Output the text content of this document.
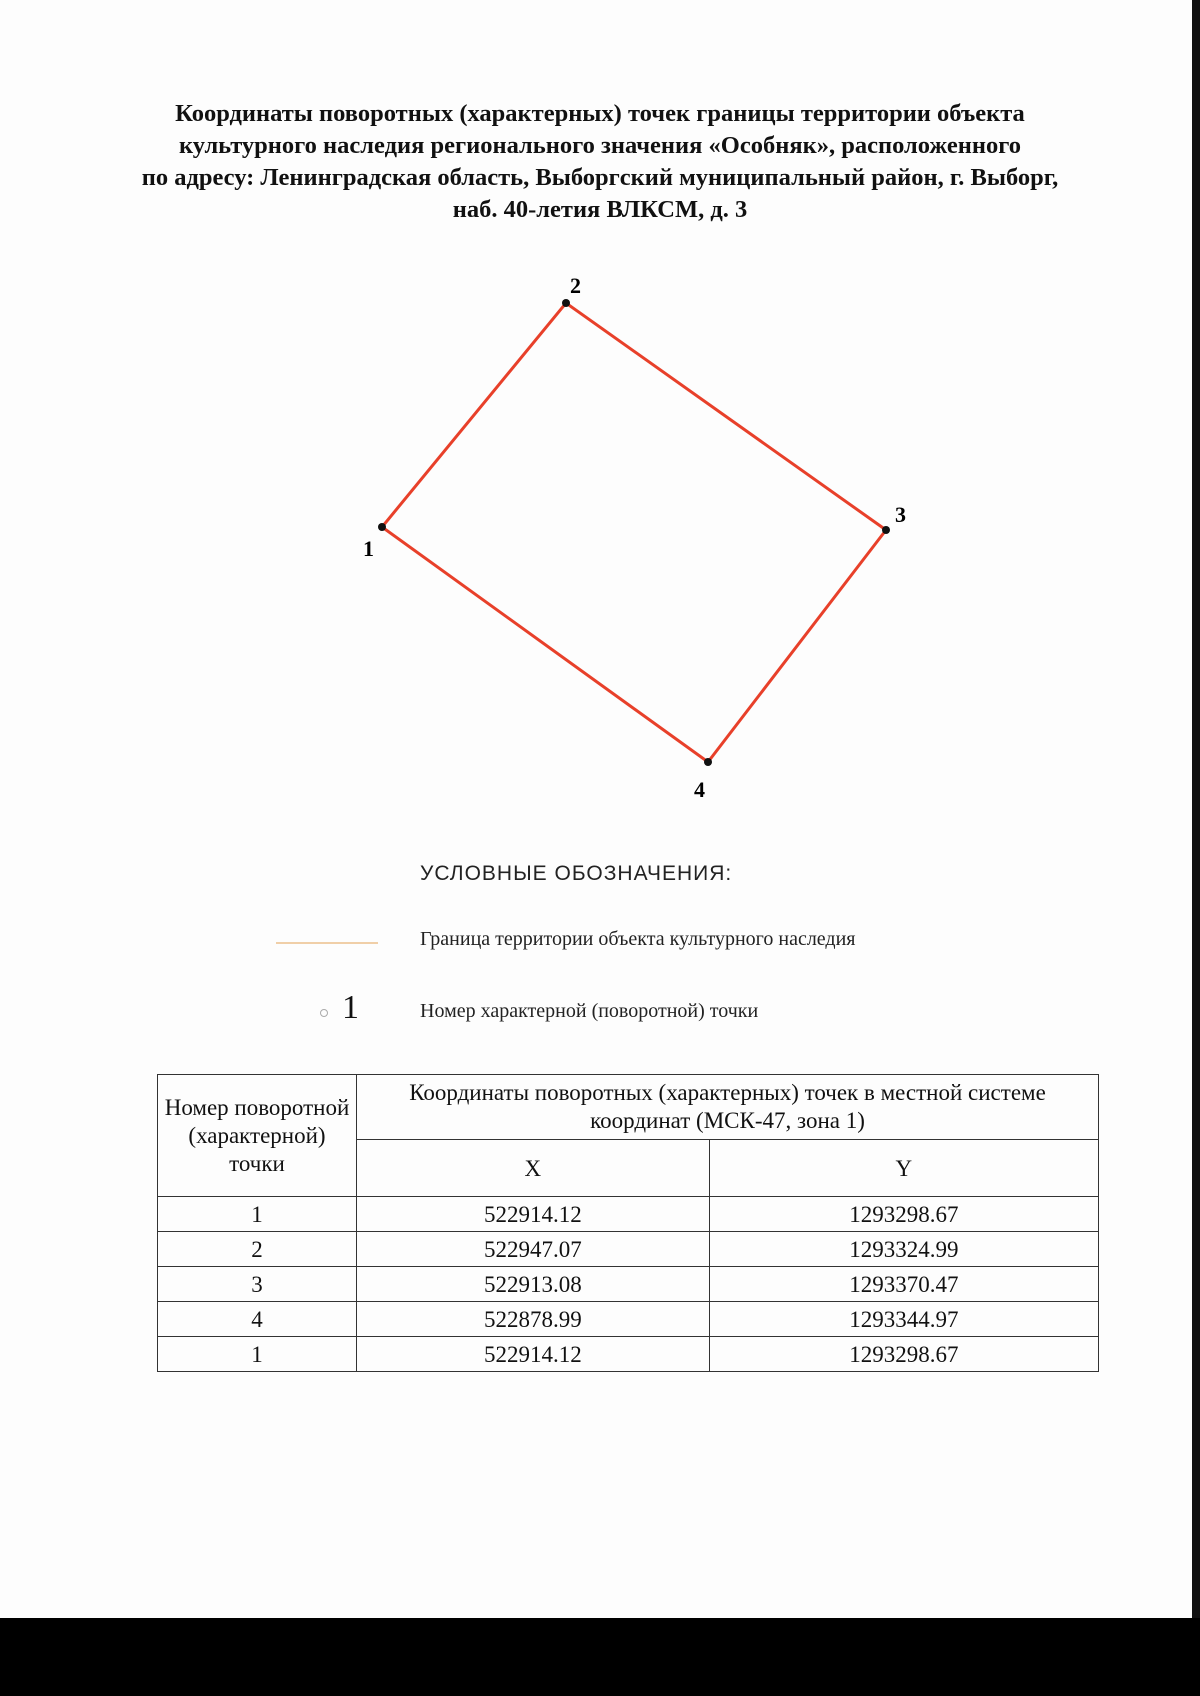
Координаты поворотных (характерных) точек границы территории объекта
культурного наследия регионального значения «Особняк», расположенного
по адресу: Ленинградская область, Выборгский муниципальный район, г. Выборг,
наб. 40-летия ВЛКСМ, д. 3
1
2
3
4
УСЛОВНЫЕ ОБОЗНАЧЕНИЯ:
Граница территории объекта культурного наследия
1	Номер характерной (поворотной) точки
Номер поворотной (характерной) точки	Координаты поворотных (характерных) точек в местной системе координат (МСК-47, зона 1)	
	X	Y
1	522914.12	1293298.67
2	522947.07	1293324.99
3	522913.08	1293370.47
4	522878.99	1293344.97
1	522914.12	1293298.67
